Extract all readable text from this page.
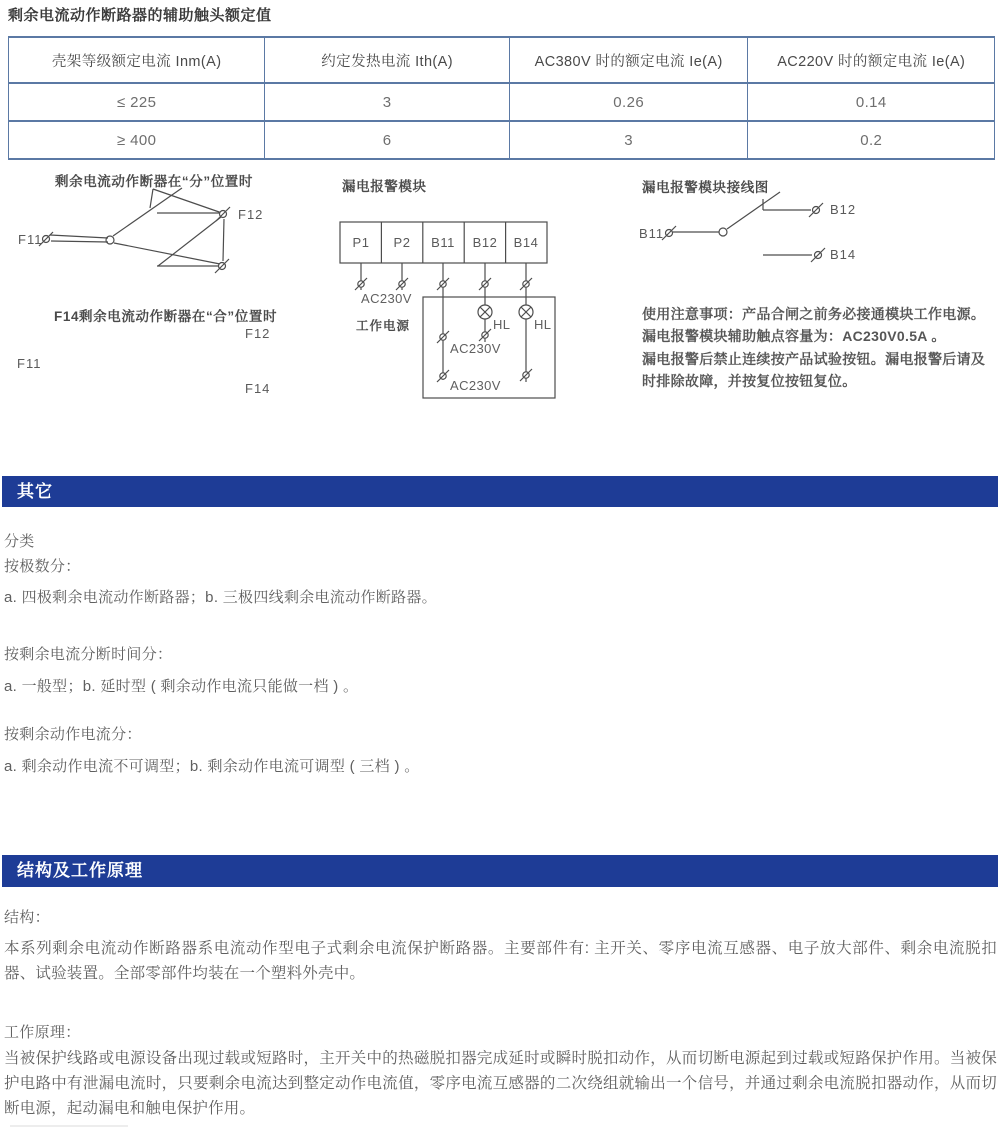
剩余电流动作断路器的辅助触头额定值
壳架等级额定电流 Inm(A)	约定发热电流 Ith(A)	AC380V 时的额定电流 Ie(A)	AC220V 时的额定电流 Ie(A)
≤ 225	3	0.26	0.14
≥ 400	6	3	0.2
剩余电流动作断器在“分”位置时
F11
F12
F14剩余电流动作断器在“合”位置时
F12
F11
F14
漏电报警模块
P1	P2	B11	B12	B14
AC230V
工作电源	HL HL
AC230V
AC230V
漏电报警模块接线图
B11
B12
B14
使用注意事项：产品合闸之前务必接通模块工作电源。
漏电报警模块辅助触点容量为：AC230V0.5A 。
漏电报警后禁止连续按产品试验按钮。漏电报警后请及
时排除故障，并按复位按钮复位。
其它
分类
按极数分：
a. 四极剩余电流动作断路器；b. 三极四线剩余电流动作断路器。
按剩余电流分断时间分：
a. 一般型；b. 延时型 ( 剩余动作电流只能做一档 ) 。
按剩余动作电流分：
a. 剩余动作电流不可调型；b. 剩余动作电流可调型 ( 三档 ) 。
结构及工作原理
结构：
本系列剩余电流动作断路器系电流动作型电子式剩余电流保护断路器。主要部件有: 主开关、零序电流互感器、电子放大部件、剩余电流脱扣器、试验装置。全部零部件均装在一个塑料外壳中。
工作原理：
当被保护线路或电源设备出现过载或短路时，主开关中的热磁脱扣器完成延时或瞬时脱扣动作，从而切断电源起到过载或短路保护作用。当被保护电路中有泄漏电流时，只要剩余电流达到整定动作电流值，零序电流互感器的二次绕组就输出一个信号，并通过剩余电流脱扣器动作，从而切断电源，起动漏电和触电保护作用。
